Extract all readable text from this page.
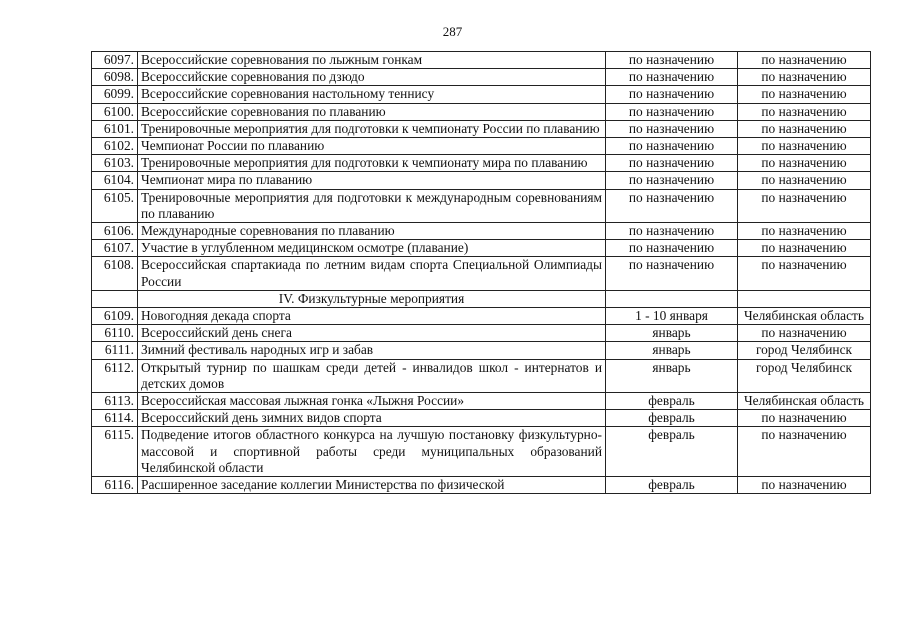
287
6097.	Всероссийские соревнования по лыжным гонкам	по назначению	по назначению
6098.	Всероссийские соревнования по дзюдо	по назначению	по назначению
6099.	Всероссийские соревнования настольному теннису	по назначению	по назначению
6100.	Всероссийские соревнования по плаванию	по назначению	по назначению
6101.	Тренировочные мероприятия для подготовки к чемпионату России по плаванию	по назначению	по назначению
6102.	Чемпионат России по плаванию	по назначению	по назначению
6103.	Тренировочные мероприятия для подготовки к чемпионату мира по плаванию	по назначению	по назначению
6104.	Чемпионат мира по плаванию	по назначению	по назначению
6105.	Тренировочные мероприятия для подготовки к международным соревнованиям по плаванию	по назначению	по назначению
6106.	Международные соревнования по плаванию	по назначению	по назначению
6107.	Участие в углубленном медицинском осмотре (плавание)	по назначению	по назначению
6108.	Всероссийская спартакиада по летним видам спорта Специальной Олимпиады России	по назначению	по назначению
	IV. Физкультурные мероприятия		
6109.	Новогодняя декада спорта	1 - 10 января	Челябинская область
6110.	Всероссийский день снега	январь	по назначению
6111.	Зимний фестиваль народных игр и забав	январь	город Челябинск
6112.	Открытый турнир по шашкам среди детей - инвалидов школ - интернатов и детских домов	январь	город Челябинск
6113.	Всероссийская массовая лыжная гонка «Лыжня России»	февраль	Челябинская область
6114.	Всероссийский день зимних видов спорта	февраль	по назначению
6115.	Подведение итогов областного конкурса на лучшую постановку физкультурно-массовой и спортивной работы среди муниципальных образований Челябинской области	февраль	по назначению
6116.	Расширенное заседание коллегии Министерства по физической	февраль	по назначению
